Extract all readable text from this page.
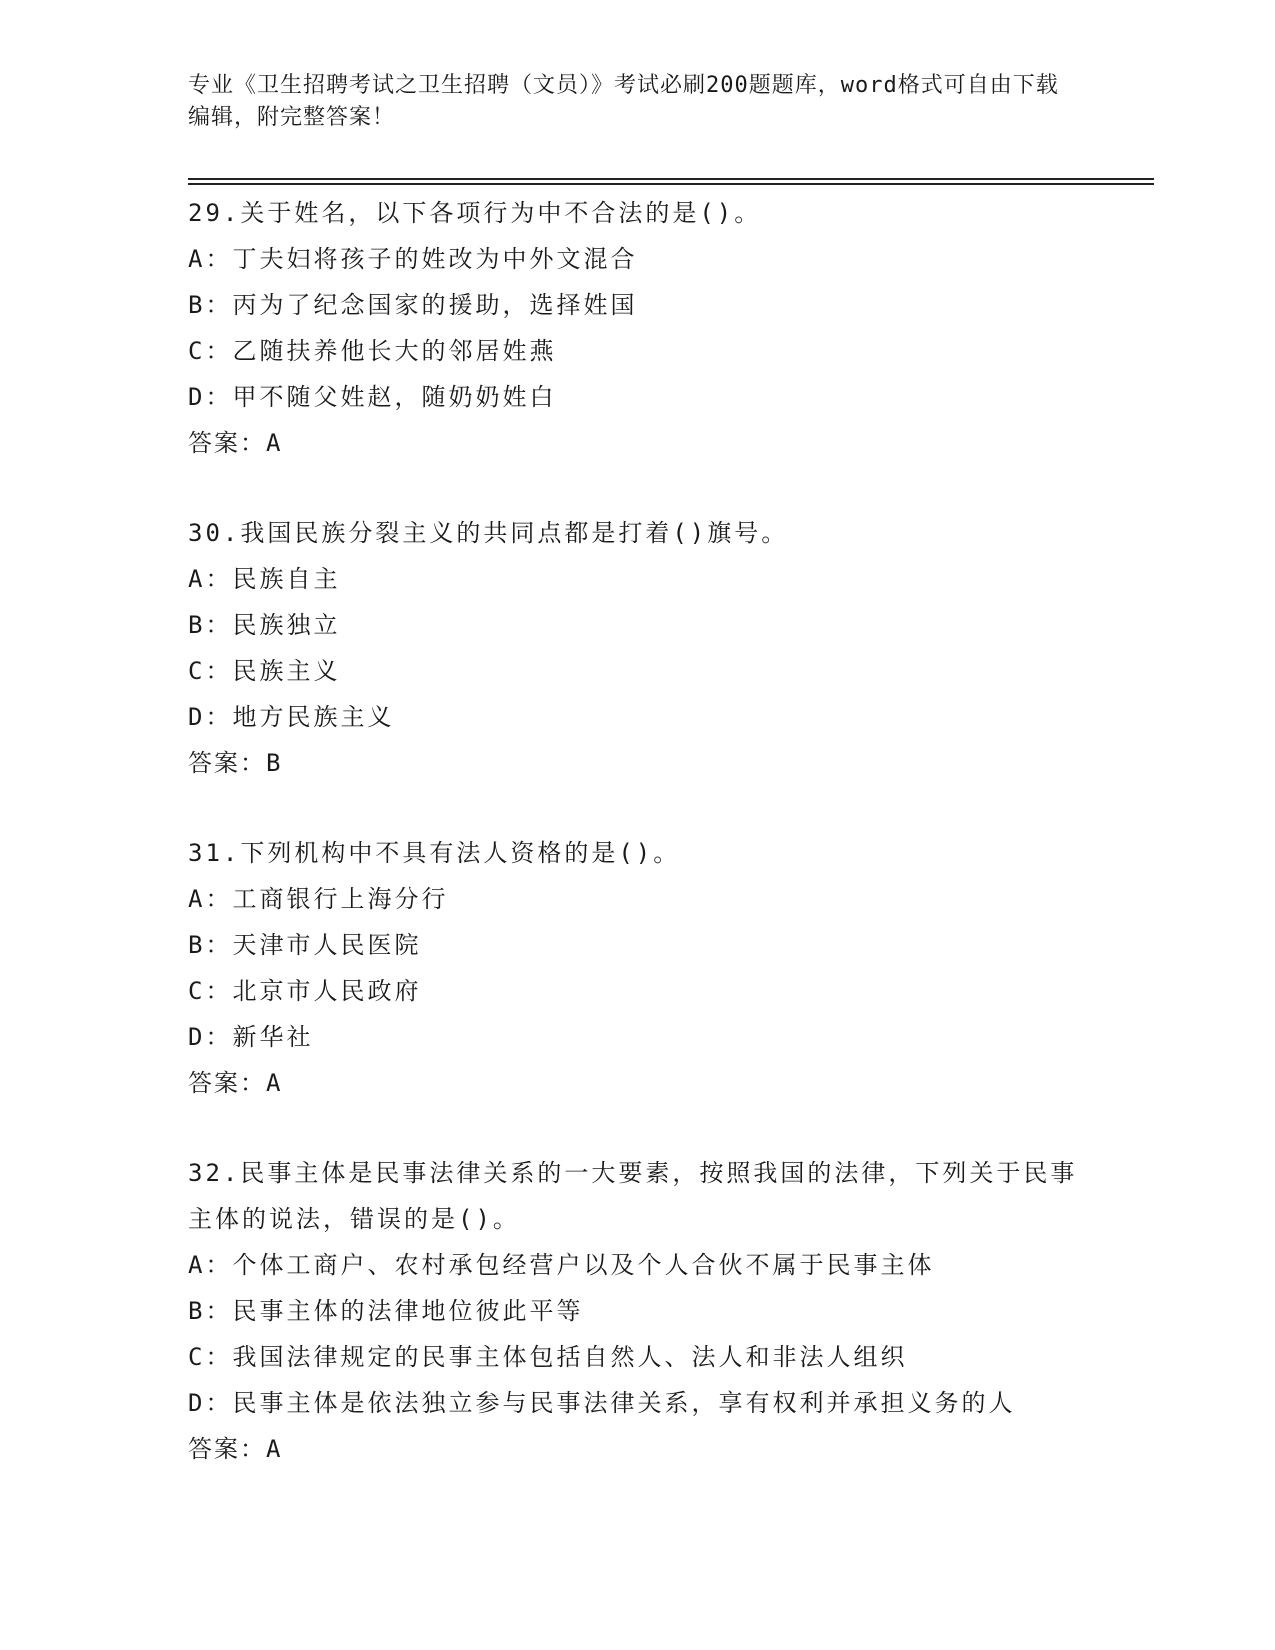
专业《卫生招聘考试之卫生招聘（文员）》考试必刷200题题库，word格式可自由下载编辑，附完整答案！
29.关于姓名，以下各项行为中不合法的是()。
A：丁夫妇将孩子的姓改为中外文混合
B：丙为了纪念国家的援助，选择姓国
C：乙随扶养他长大的邻居姓燕
D：甲不随父姓赵，随奶奶姓白
答案：A
30.我国民族分裂主义的共同点都是打着()旗号。
A：民族自主
B：民族独立
C：民族主义
D：地方民族主义
答案：B
31.下列机构中不具有法人资格的是()。
A：工商银行上海分行
B：天津市人民医院
C：北京市人民政府
D：新华社
答案：A
32.民事主体是民事法律关系的一大要素，按照我国的法律，下列关于民事主体的说法，错误的是()。
A：个体工商户、农村承包经营户以及个人合伙不属于民事主体
B：民事主体的法律地位彼此平等
C：我国法律规定的民事主体包括自然人、法人和非法人组织
D：民事主体是依法独立参与民事法律关系，享有权利并承担义务的人
答案：A
